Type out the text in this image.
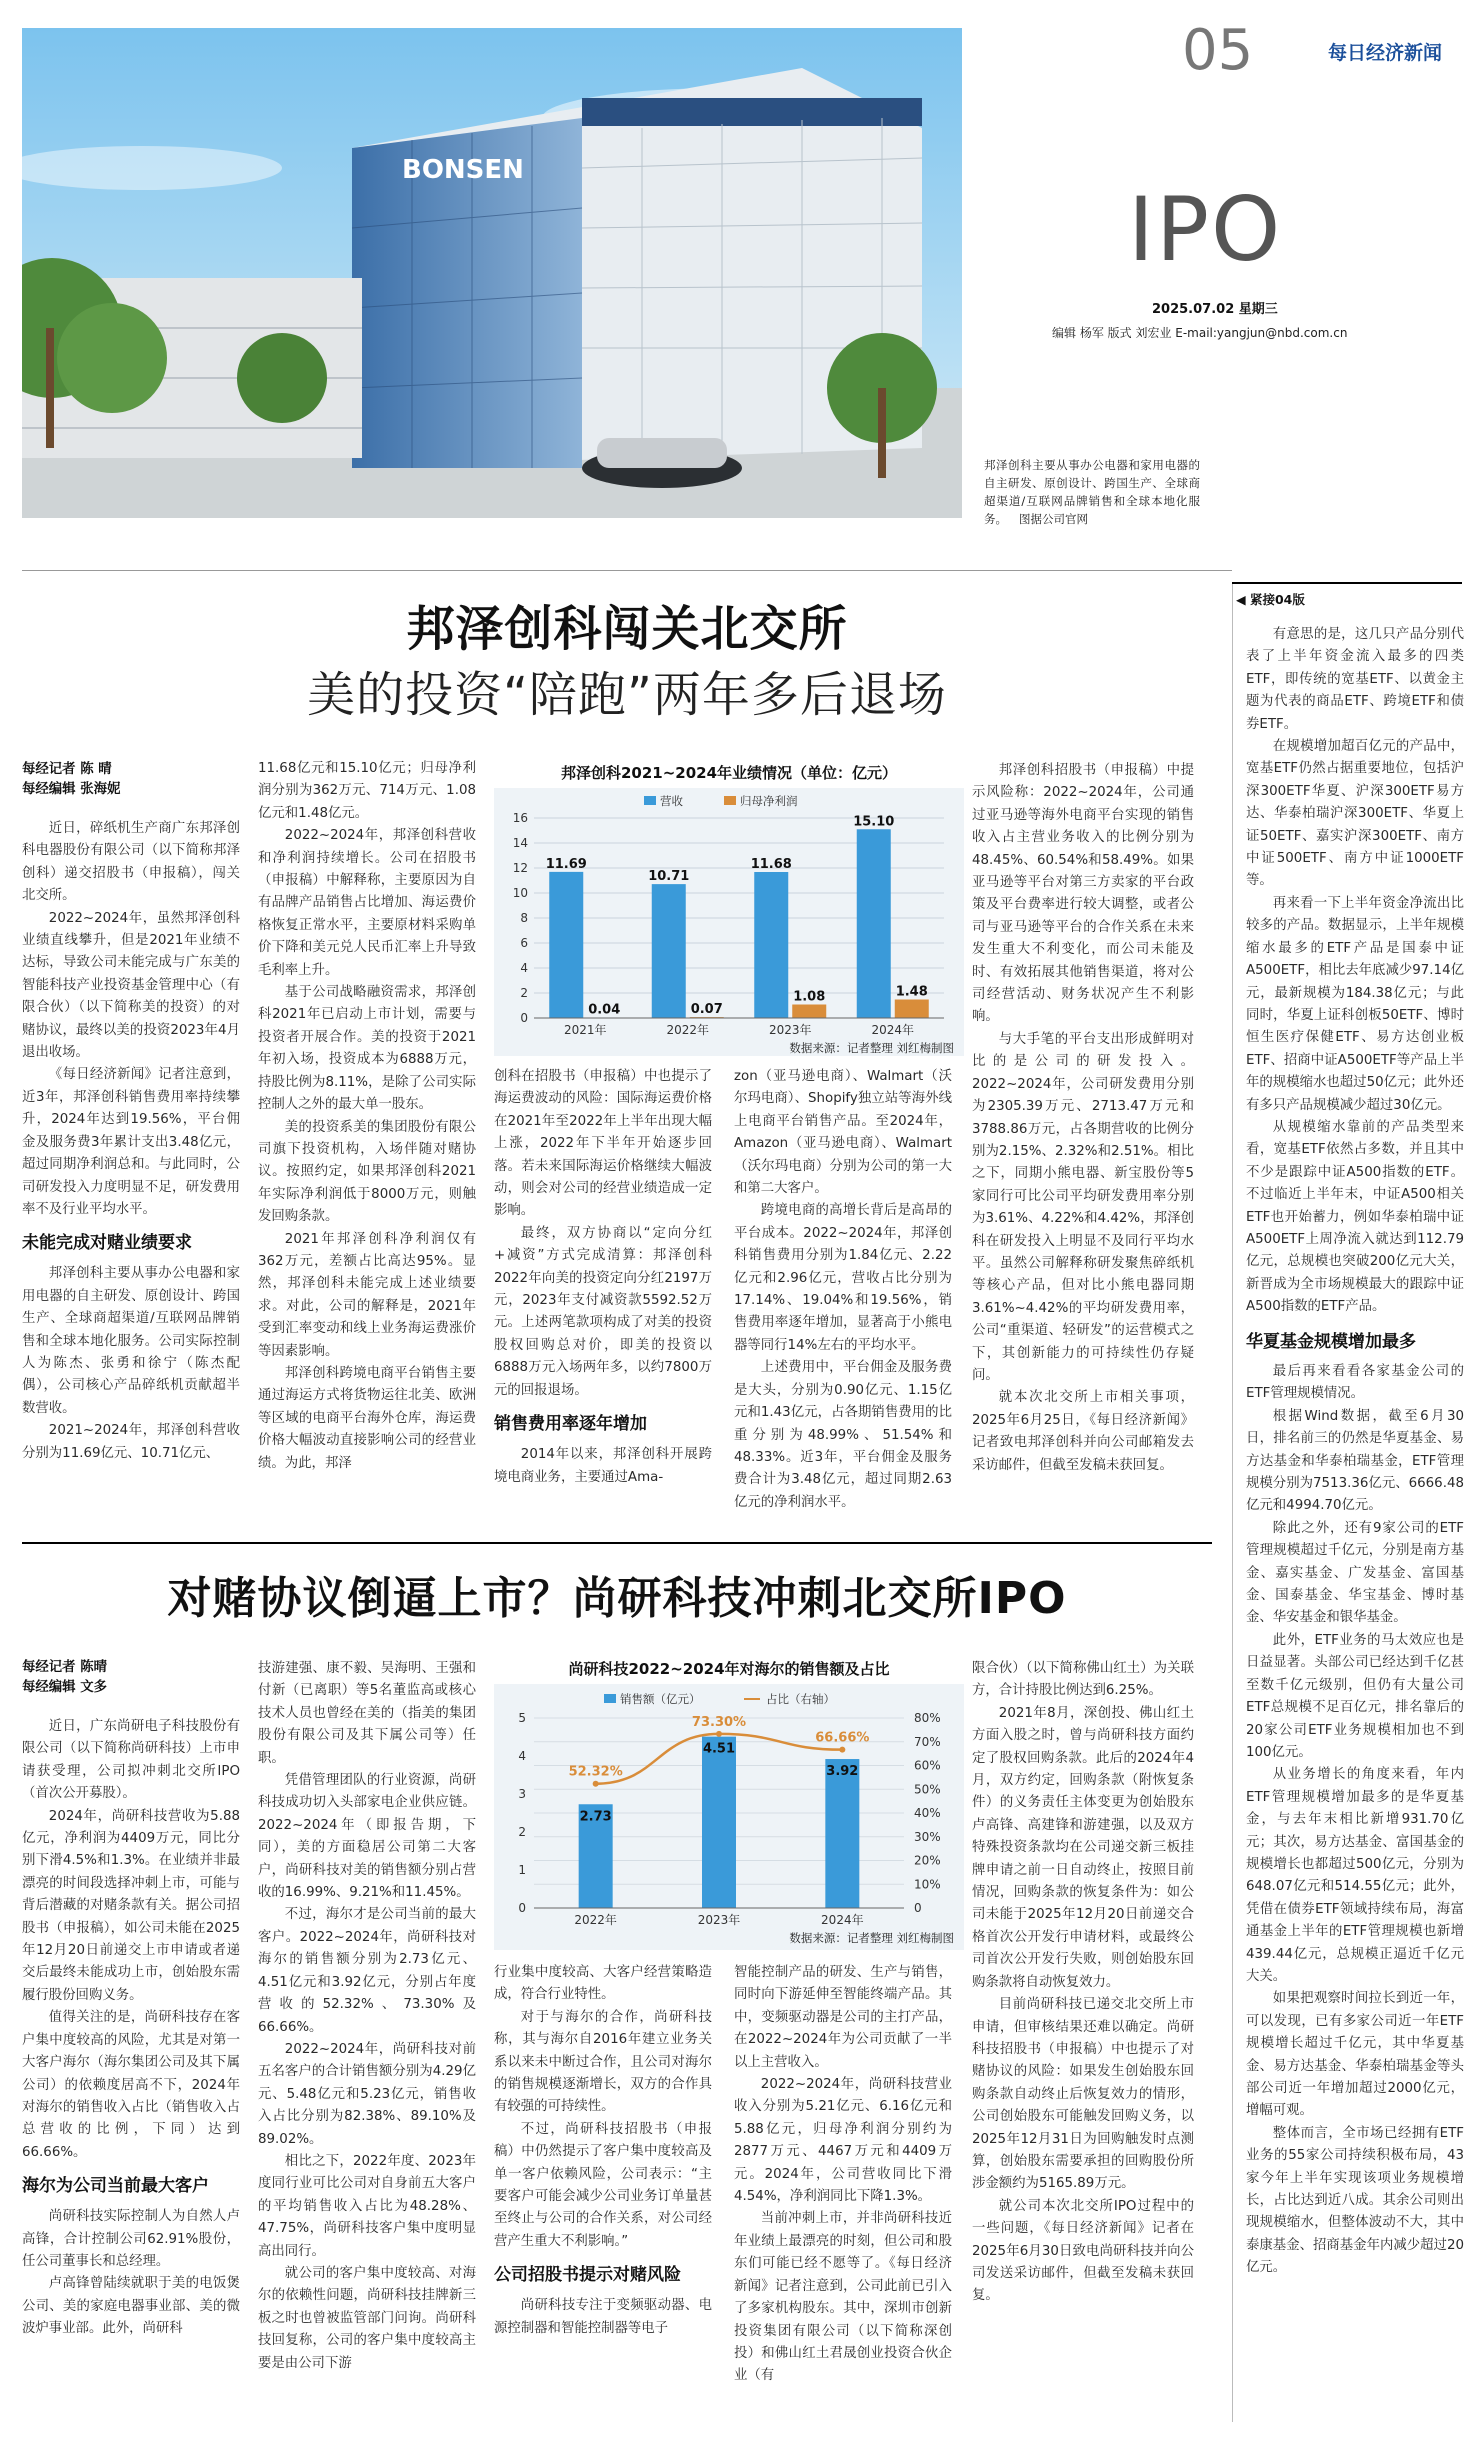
05	每日经济新闻
IPO
2025.07.02 星期三
编辑 杨军 版式 刘宏业 E-mail:yangjun@nbd.com.cn
BONSEN
邦泽创科主要从事办公电器和家用电器的自主研发、原创设计、跨国生产、全球商超渠道/互联网品牌销售和全球本地化服务。 图据公司官网
邦泽创科闯关北交所
美的投资“陪跑”两年多后退场
每经记者 陈 晴
每经编辑 张海妮

近日，碎纸机生产商广东邦泽创科电器股份有限公司（以下简称邦泽创科）递交招股书（申报稿），闯关北交所。

2022~2024年，虽然邦泽创科业绩直线攀升，但是2021年业绩不达标，导致公司未能完成与广东美的智能科技产业投资基金管理中心（有限合伙）（以下简称美的投资）的对赌协议，最终以美的投资2023年4月退出收场。

《每日经济新闻》记者注意到，近3年，邦泽创科销售费用率持续攀升，2024年达到19.56%，平台佣金及服务费3年累计支出3.48亿元，超过同期净利润总和。与此同时，公司研发投入力度明显不足，研发费用率不及行业平均水平。

未能完成对赌业绩要求

邦泽创科主要从事办公电器和家用电器的自主研发、原创设计、跨国生产、全球商超渠道/互联网品牌销售和全球本地化服务。公司实际控制人为陈杰、张勇和徐宁（陈杰配偶），公司核心产品碎纸机贡献超半数营收。

2021~2024年，邦泽创科营收分别为11.69亿元、10.71亿元、

11.68亿元和15.10亿元；归母净利润分别为362万元、714万元、1.08亿元和1.48亿元。

2022~2024年，邦泽创科营收和净利润持续增长。公司在招股书（申报稿）中解释称，主要原因为自有品牌产品销售占比增加、海运费价格恢复正常水平，主要原材料采购单价下降和美元兑人民币汇率上升导致毛利率上升。

基于公司战略融资需求，邦泽创科2021年已启动上市计划，需要与投资者开展合作。美的投资于2021年初入场，投资成本为6888万元，持股比例为8.11%，是除了公司实际控制人之外的最大单一股东。

美的投资系美的集团股份有限公司旗下投资机构，入场伴随对赌协议。按照约定，如果邦泽创科2021年实际净利润低于8000万元，则触发回购条款。

2021年邦泽创科净利润仅有362万元，差额占比高达95%。显然，邦泽创科未能完成上述业绩要求。对此，公司的解释是，2021年受到汇率变动和线上业务海运费涨价等因素影响。

邦泽创科跨境电商平台销售主要通过海运方式将货物运往北美、欧洲等区域的电商平台海外仓库，海运费价格大幅波动直接影响公司的经营业绩。为此，邦泽

邦泽创科2021~2024年业绩情况（单位：亿元）
0
2
4
6
8
10
12
14
16
营收	归母净利润
11.69
0.04
2021年
10.71
0.07
2022年
11.68
1.08
2023年
15.10
1.48
2024年
数据来源：记者整理 刘红梅制图

创科在招股书（申报稿）中也提示了海运费波动的风险：国际海运费价格在2021年至2022年上半年出现大幅上涨，2022年下半年开始逐步回落。若未来国际海运价格继续大幅波动，则会对公司的经营业绩造成一定影响。

最终，双方协商以“定向分红+减资”方式完成清算：邦泽创科2022年向美的投资定向分红2197万元，2023年支付减资款5592.52万元。上述两笔款项构成了对美的投资股权回购总对价，即美的投资以6888万元入场两年多，以约7800万元的回报退场。

销售费用率逐年增加

2014年以来，邦泽创科开展跨境电商业务，主要通过Ama-

zon（亚马逊电商）、Walmart（沃尔玛电商）、Shopify独立站等海外线上电商平台销售产品。至2024年，Amazon（亚马逊电商）、Walmart（沃尔玛电商）分别为公司的第一大和第二大客户。

跨境电商的高增长背后是高昂的平台成本。2022~2024年，邦泽创科销售费用分别为1.84亿元、2.22亿元和2.96亿元，营收占比分别为17.14%、19.04%和19.56%，销售费用率逐年增加，显著高于小熊电器等同行14%左右的平均水平。

上述费用中，平台佣金及服务费是大头，分别为0.90亿元、1.15亿元和1.43亿元，占各期销售费用的比重分别为48.99%、51.54%和48.33%。近3年，平台佣金及服务费合计为3.48亿元，超过同期2.63亿元的净利润水平。

邦泽创科招股书（申报稿）中提示风险称：2022~2024年，公司通过亚马逊等海外电商平台实现的销售收入占主营业务收入的比例分别为48.45%、60.54%和58.49%。如果亚马逊等平台对第三方卖家的平台政策及平台费率进行较大调整，或者公司与亚马逊等平台的合作关系在未来发生重大不利变化，而公司未能及时、有效拓展其他销售渠道，将对公司经营活动、财务状况产生不利影响。

与大手笔的平台支出形成鲜明对比的是公司的研发投入。2022~2024年，公司研发费用分别为2305.39万元、2713.47万元和3788.86万元，占各期营收的比例分别为2.15%、2.32%和2.51%。相比之下，同期小熊电器、新宝股份等5家同行可比公司平均研发费用率分别为3.61%、4.22%和4.42%，邦泽创科在研发投入上明显不及同行平均水平。虽然公司解释称研发聚焦碎纸机等核心产品，但对比小熊电器同期3.61%~4.42%的平均研发费用率，公司“重渠道、轻研发”的运营模式之下，其创新能力的可持续性仍存疑问。

就本次北交所上市相关事项，2025年6月25日，《每日经济新闻》记者致电邦泽创科并向公司邮箱发去采访邮件，但截至发稿未获回复。

对赌协议倒逼上市？尚研科技冲刺北交所IPO
每经记者 陈晴
每经编辑 文多

近日，广东尚研电子科技股份有限公司（以下简称尚研科技）上市申请获受理，公司拟冲刺北交所IPO（首次公开募股）。

2024年，尚研科技营收为5.88亿元，净利润为4409万元，同比分别下滑4.5%和1.3%。在业绩并非最漂亮的时间段选择冲刺上市，可能与背后潜藏的对赌条款有关。据公司招股书（申报稿），如公司未能在2025年12月20日前递交上市申请或者递交后最终未能成功上市，创始股东需履行股份回购义务。

值得关注的是，尚研科技存在客户集中度较高的风险，尤其是对第一大客户海尔（海尔集团公司及其下属公司）的依赖度居高不下，2024年对海尔的销售收入占比（销售收入占总营收的比例，下同）达到66.66%。

海尔为公司当前最大客户

尚研科技实际控制人为自然人卢高锋，合计控制公司62.91%股份，任公司董事长和总经理。

卢高锋曾陆续就职于美的电饭煲公司、美的家庭电器事业部、美的微波炉事业部。此外，尚研科

技游建强、康不毅、吴海明、王强和付新（已离职）等5名董监高或核心技术人员也曾经在美的（指美的集团股份有限公司及其下属公司等）任职。

凭借管理团队的行业资源，尚研科技成功切入头部家电企业供应链。2022~2024年（即报告期，下同），美的方面稳居公司第二大客户，尚研科技对美的销售额分别占营收的16.99%、9.21%和11.45%。

不过，海尔才是公司当前的最大客户。2022~2024年，尚研科技对海尔的销售额分别为2.73亿元、4.51亿元和3.92亿元，分别占年度营收的52.32%、73.30%及66.66%。

2022~2024年，尚研科技对前五名客户的合计销售额分别为4.29亿元、5.48亿元和5.23亿元，销售收入占比分别为82.38%、89.10%及89.02%。

相比之下，2022年度、2023年度同行业可比公司对自身前五大客户的平均销售收入占比为48.28%、47.75%，尚研科技客户集中度明显高出同行。

就公司的客户集中度较高、对海尔的依赖性问题，尚研科技挂牌新三板之时也曾被监管部门问询。尚研科技回复称，公司的客户集中度较高主要是由公司下游

尚研科技2022~2024年对海尔的销售额及占比
0
1
2
3
4
5
0
10%
20%
30%
40%
50%
60%
70%
80%
销售额（亿元）	占比（右轴）
2.73
2022年
4.51
2023年
3.92
2024年
52.32%
73.30%
66.66%
数据来源：记者整理 刘红梅制图

行业集中度较高、大客户经营策略造成，符合行业特性。

对于与海尔的合作，尚研科技称，其与海尔自2016年建立业务关系以来未中断过合作，且公司对海尔的销售规模逐渐增长，双方的合作具有较强的可持续性。

不过，尚研科技招股书（申报稿）中仍然提示了客户集中度较高及单一客户依赖风险，公司表示：“主要客户可能会减少公司业务订单量甚至终止与公司的合作关系，对公司经营产生重大不利影响。”

公司招股书提示对赌风险

尚研科技专注于变频驱动器、电源控制器和智能控制器等电子

智能控制产品的研发、生产与销售，同时向下游延伸至智能终端产品。其中，变频驱动器是公司的主打产品，在2022~2024年为公司贡献了一半以上主营收入。

2022~2024年，尚研科技营业收入分别为5.21亿元、6.16亿元和5.88亿元，归母净利润分别约为2877万元、4467万元和4409万元。2024年，公司营收同比下滑4.54%，净利润同比下降1.3%。

当前冲刺上市，并非尚研科技近年业绩上最漂亮的时刻，但公司和股东们可能已经不愿等了。《每日经济新闻》记者注意到，公司此前已引入了多家机构股东。其中，深圳市创新投资集团有限公司（以下简称深创投）和佛山红土君晟创业投资合伙企业（有

限合伙）（以下简称佛山红土）为关联方，合计持股比例达到6.25%。

2021年8月，深创投、佛山红土方面入股之时，曾与尚研科技方面约定了股权回购条款。此后的2024年4月，双方约定，回购条款（附恢复条件）的义务责任主体变更为创始股东卢高锋、高建锋和游建强，以及双方特殊投资条款均在公司递交新三板挂牌申请之前一日自动终止，按照目前情况，回购条款的恢复条件为：如公司未能于2025年12月20日前递交合格首次公开发行申请材料，或最终公司首次公开发行失败，则创始股东回购条款将自动恢复效力。

目前尚研科技已递交北交所上市申请，但审核结果还难以确定。尚研科技招股书（申报稿）中也提示了对赌协议的风险：如果发生创始股东回购条款自动终止后恢复效力的情形，公司创始股东可能触发回购义务，以2025年12月31日为回购触发时点测算，创始股东需要承担的回购股份所涉金额约为5165.89万元。

就公司本次北交所IPO过程中的一些问题，《每日经济新闻》记者在2025年6月30日致电尚研科技并向公司发送采访邮件，但截至发稿未获回复。

◀ 紧接04版

有意思的是，这几只产品分别代表了上半年资金流入最多的四类ETF，即传统的宽基ETF、以黄金主题为代表的商品ETF、跨境ETF和债券ETF。

在规模增加超百亿元的产品中，宽基ETF仍然占据重要地位，包括沪深300ETF华夏、沪深300ETF易方达、华泰柏瑞沪深300ETF、华夏上证50ETF、嘉实沪深300ETF、南方中证500ETF、南方中证1000ETF等。

再来看一下上半年资金净流出比较多的产品。数据显示，上半年规模缩水最多的ETF产品是国泰中证A500ETF，相比去年底减少97.14亿元，最新规模为184.38亿元；与此同时，华夏上证科创板50ETF、博时恒生医疗保健ETF、易方达创业板ETF、招商中证A500ETF等产品上半年的规模缩水也超过50亿元；此外还有多只产品规模减少超过30亿元。

从规模缩水靠前的产品类型来看，宽基ETF依然占多数，并且其中不少是跟踪中证A500指数的ETF。不过临近上半年末，中证A500相关ETF也开始蓄力，例如华泰柏瑞中证A500ETF上周净流入就达到112.79亿元，总规模也突破200亿元大关，新晋成为全市场规模最大的跟踪中证A500指数的ETF产品。

华夏基金规模增加最多

最后再来看看各家基金公司的ETF管理规模情况。

根据Wind数据，截至6月30日，排名前三的仍然是华夏基金、易方达基金和华泰柏瑞基金，ETF管理规模分别为7513.36亿元、6666.48亿元和4994.70亿元。

除此之外，还有9家公司的ETF管理规模超过千亿元，分别是南方基金、嘉实基金、广发基金、富国基金、国泰基金、华宝基金、博时基金、华安基金和银华基金。

此外，ETF业务的马太效应也是日益显著。头部公司已经达到千亿甚至数千亿元级别，但仍有大量公司ETF总规模不足百亿元，排名靠后的20家公司ETF业务规模相加也不到100亿元。

从业务增长的角度来看，年内ETF管理规模增加最多的是华夏基金，与去年末相比新增931.70亿元；其次，易方达基金、富国基金的规模增长也都超过500亿元，分别为648.07亿元和514.55亿元；此外，凭借在债券ETF领域持续布局，海富通基金上半年的ETF管理规模也新增439.44亿元，总规模正逼近千亿元大关。

如果把观察时间拉长到近一年，可以发现，已有多家公司近一年ETF规模增长超过千亿元，其中华夏基金、易方达基金、华泰柏瑞基金等头部公司近一年增加超过2000亿元，增幅可观。

整体而言，全市场已经拥有ETF业务的55家公司持续积极布局，43家今年上半年实现该项业务规模增长，占比达到近八成。其余公司则出现规模缩水，但整体波动不大，其中泰康基金、招商基金年内减少超过20亿元。
